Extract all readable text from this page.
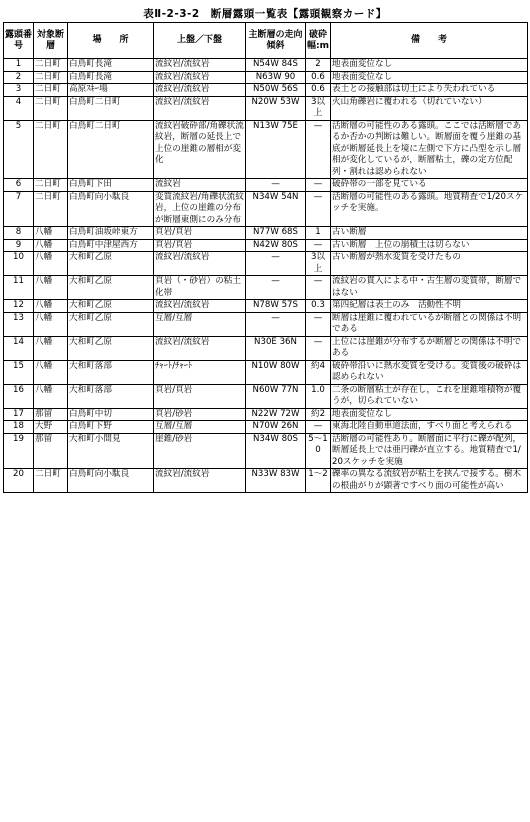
表Ⅱ-2-3-2　断層露頭一覧表【露頭観察カード】
露頭番号	対象断層	場　　所	上盤／下盤	主断層の走向傾斜	破砕幅:m	備　　考
1	二日町	白鳥町長滝	流紋岩/流紋岩	N54W 84S	2	地表面変位なし
2	二日町	白鳥町長滝	流紋岩/流紋岩	N63W 90	0.6	地表面変位なし
3	二日町	高原ｽｷｰ場	流紋岩/流紋岩	N50W 56S	0.6	表土との接触部は切土により失われている
4	二日町	白鳥町二日町	流紋岩/流紋岩	N20W 53W	3以上	火山角礫岩に覆われる（切れていない）
5	二日町	白鳥町二日町	流紋岩破砕部/角礫状流紋岩，断層の延長上で上位の崖錐の層相が変化	N13W 75E	—	活断層の可能性のある露頭。ここでは活断層であるか否かの判断は難しい。断層面を覆う崖錐の基底が断層延長上を境に左側で下方に凸型を示し層相が変化しているが，断層粘土，礫の定方位配列・割れは認められない
6	二日町	白鳥町下田	流紋岩	—	—	破砕帯の一部を見ている
7	二日町	白鳥町向小駄良	変質流紋岩/角礫状流紋岩，上位の崖錐の分布が断層東側にのみ分布	N34W 54N	—	活断層の可能性のある露頭。地質精査で1/20スケッチを実施。
8	八幡	白鳥町油坂峠東方	頁岩/頁岩	N77W 68S	1	古い断層
9	八幡	白鳥町中津屋西方	頁岩/頁岩	N42W 80S	—	古い断層　上位の崩積土は切らない
10	八幡	大和町乙原	流紋岩/流紋岩	—	3以上	古い断層が熱水変質を受けたもの
11	八幡	大和町乙原	頁岩（・砂岩）の粘土化帯	—	—	流紋岩の貫入による中・古生層の変質帯，断層ではない
12	八幡	大和町乙原	流紋岩/流紋岩	N78W 57S	0.3	第四紀層は表土のみ　活動性不明
13	八幡	大和町乙原	互層/互層	—	—	断層は崖錐に覆われているが断層との関係は不明である
14	八幡	大和町乙原	流紋岩/流紋岩	N30E 36N	—	上位には崖錐が分布するが断層との関係は不明である
15	八幡	大和町落部	ﾁｬｰﾄ/ﾁｬｰﾄ	N10W 80W	約4	破砕帯沿いに熱水変質を受ける。変質後の破砕は認められない
16	八幡	大和町落部	頁岩/頁岩	N60W 77N	1.0	二条の断層粘土が存在し，これを崖錐堆積物が覆うが，切られていない
17	那留	白鳥町中切	頁岩/砂岩	N22W 72W	約2	地表面変位なし
18	大野	白鳥町下野	互層/互層	N70W 26N	—	東海北陸自動車道法面，すべり面と考えられる
19	那留	大和町小間見	崖錐/砂岩	N34W 80S	5〜10	活断層の可能性あり。断層面に平行に礫が配列，断層延長上では亜円礫が直立する。地質精査で1/20スケッチを実施
20	二日町	白鳥町向小駄良	流紋岩/流紋岩	N33W 83W	1〜2	礫率の異なる流紋岩が粘土を挟んで接する。樹木の根曲がりが顕著ですべり面の可能性が高い
